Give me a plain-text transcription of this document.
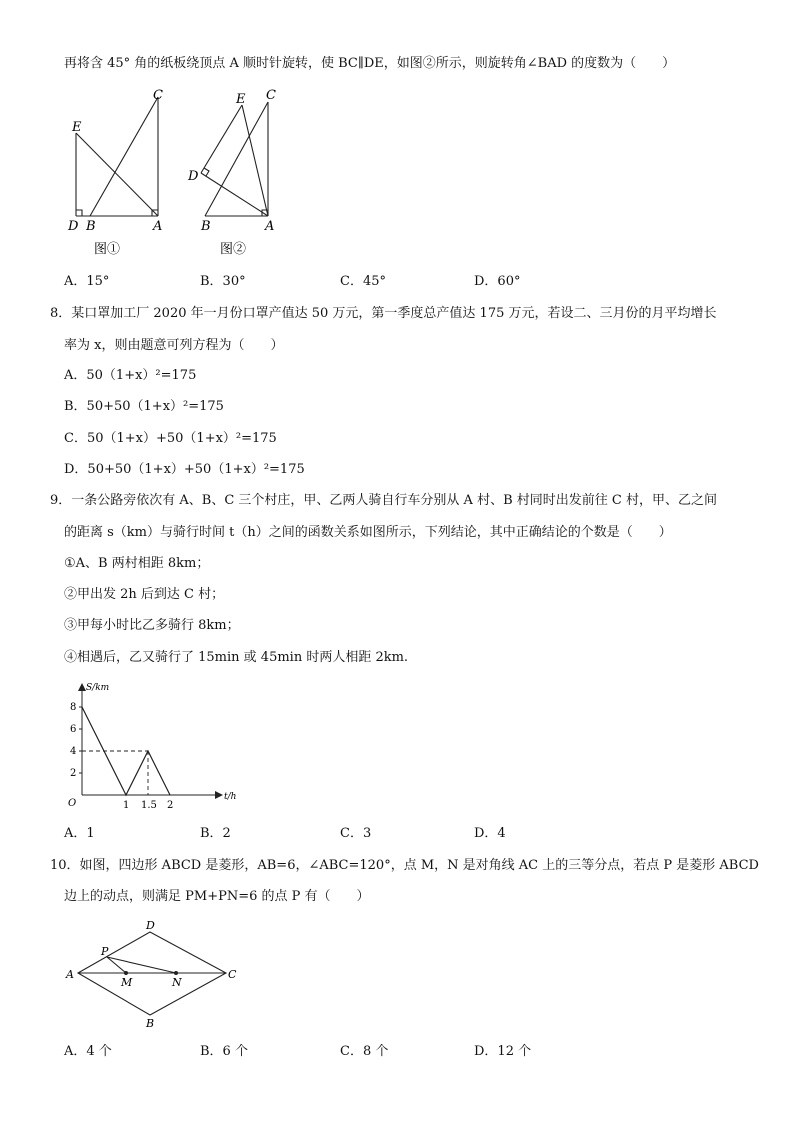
再将含 45° 角的纸板绕顶点 A 顺时针旋转，使 BC∥DE，如图②所示，则旋转角∠BAD 的度数为（　　）
C
E
D B	A
图①
E C
D
B	A
图②
A．15°	B．30°	C．45°	D．60°
8．某口罩加工厂 2020 年一月份口罩产值达 50 万元，第一季度总产值达 175 万元，若设二、三月份的月平均增长
率为 x，则由题意可列方程为（　　）
A．50（1+x）²=175
B．50+50（1+x）²=175
C．50（1+x）+50（1+x）²=175
D．50+50（1+x）+50（1+x）²=175
9．一条公路旁依次有 A、B、C 三个村庄，甲、乙两人骑自行车分别从 A 村、B 村同时出发前往 C 村，甲、乙之间
的距离 s（km）与骑行时间 t（h）之间的函数关系如图所示，下列结论，其中正确结论的个数是（　　）
①A、B 两村相距 8km；
②甲出发 2h 后到达 C 村；
③甲每小时比乙多骑行 8km；
④相遇后，乙又骑行了 15min 或 45min 时两人相距 2km.
S/km
t/h
O
2
4
6
8
1 1.5 2
A．1	B．2	C．3	D．4
10．如图，四边形 ABCD 是菱形，AB=6，∠ABC=120°，点 M，N 是对角线 AC 上的三等分点，若点 P 是菱形 ABCD
边上的动点，则满足 PM+PN=6 的点 P 有（　　）
A
D
C
B
P
M	N
A．4 个	B．6 个	C．8 个	D．12 个
